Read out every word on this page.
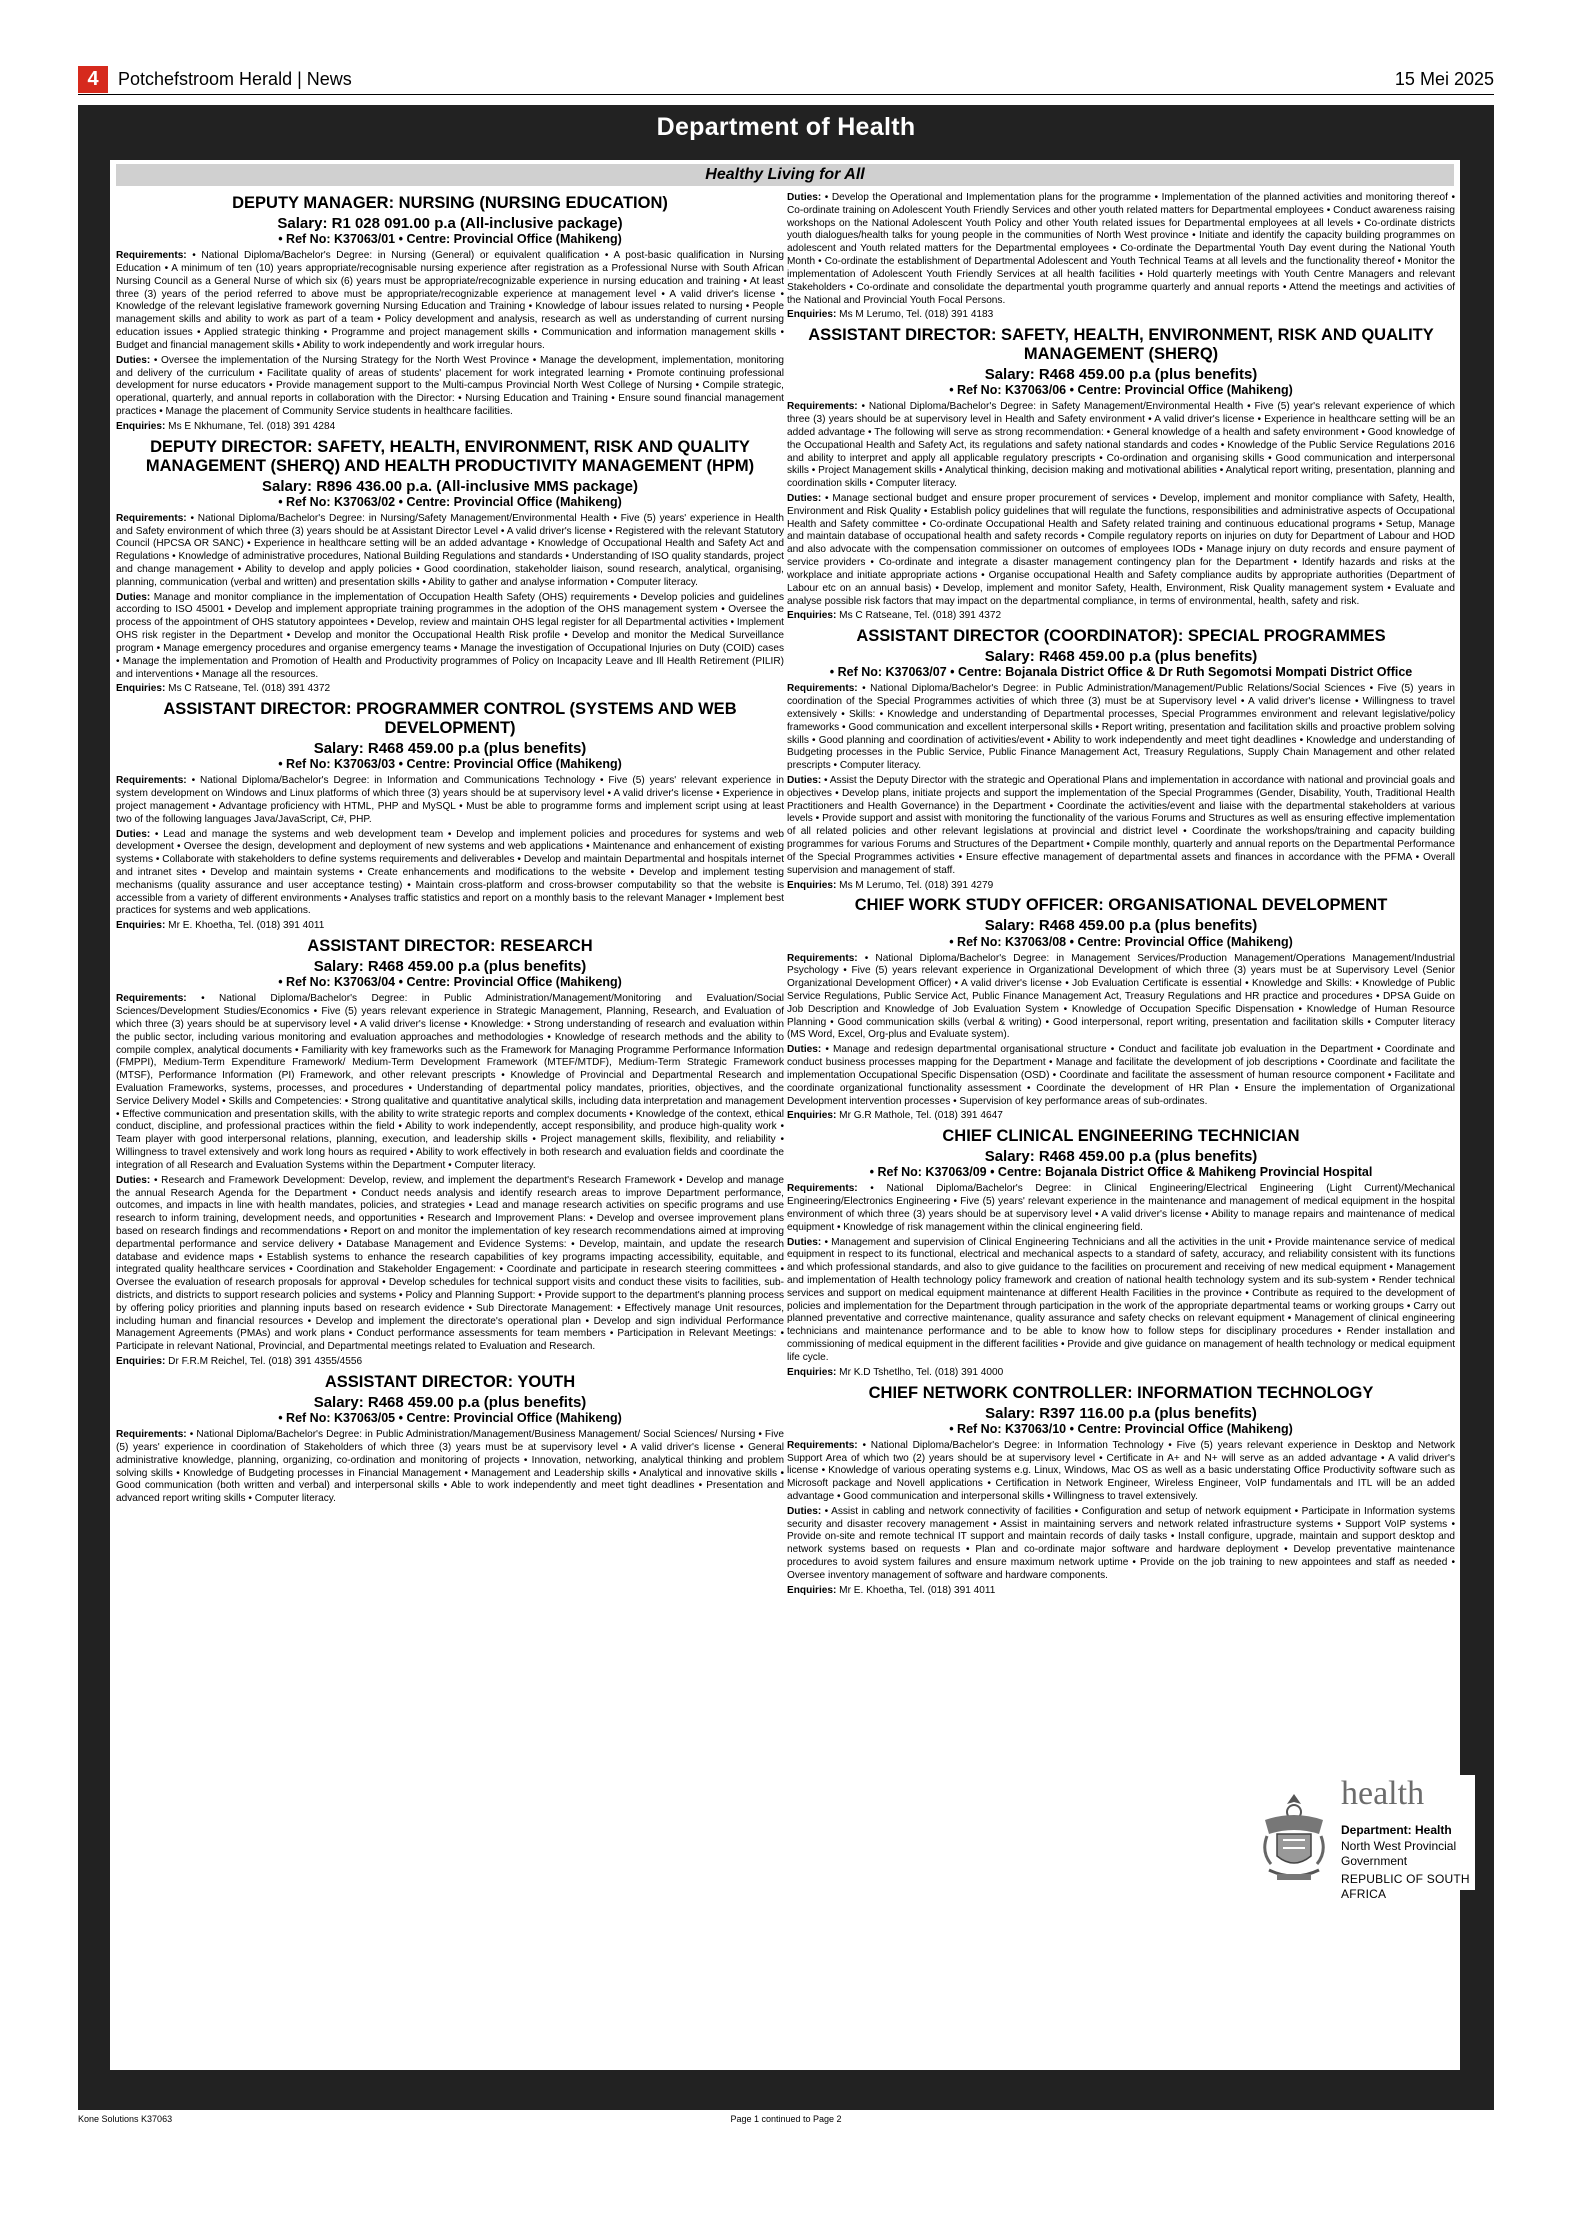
4	Potchefstroom Herald | News	15 Mei 2025
Department of Health
Healthy Living for All
DEPUTY MANAGER: NURSING (NURSING EDUCATION)
Salary: R1 028 091.00 p.a (All-inclusive package)
• Ref No: K37063/01 • Centre: Provincial Office (Mahikeng)
Requirements: • National Diploma/Bachelor's Degree: in Nursing (General) or equivalent qualification • A post-basic qualification in Nursing Education • A minimum of ten (10) years appropriate/recognisable nursing experience after registration as a Professional Nurse with South African Nursing Council as a General Nurse of which six (6) years must be appropriate/recognizable experience in nursing education and training • At least three (3) years of the period referred to above must be appropriate/recognizable experience at management level • A valid driver's license • Knowledge of the relevant legislative framework governing Nursing Education and Training • Knowledge of labour issues related to nursing • People management skills and ability to work as part of a team • Policy development and analysis, research as well as understanding of current nursing education issues • Applied strategic thinking • Programme and project management skills • Communication and information management skills • Budget and financial management skills • Ability to work independently and work irregular hours.
Duties: • Oversee the implementation of the Nursing Strategy for the North West Province • Manage the development, implementation, monitoring and delivery of the curriculum • Facilitate quality of areas of students' placement for work integrated learning • Promote continuing professional development for nurse educators • Provide management support to the Multi-campus Provincial North West College of Nursing • Compile strategic, operational, quarterly, and annual reports in collaboration with the Director: • Nursing Education and Training • Ensure sound financial management practices • Manage the placement of Community Service students in healthcare facilities.
Enquiries: Ms E Nkhumane, Tel. (018) 391 4284
DEPUTY DIRECTOR: SAFETY, HEALTH, ENVIRONMENT, RISK AND QUALITY MANAGEMENT (SHERQ) AND HEALTH PRODUCTIVITY MANAGEMENT (HPM)
Salary: R896 436.00 p.a. (All-inclusive MMS package)
• Ref No: K37063/02 • Centre: Provincial Office (Mahikeng)
Requirements: • National Diploma/Bachelor's Degree: in Nursing/Safety Management/Environmental Health • Five (5) years' experience in Health and Safety environment of which three (3) years should be at Assistant Director Level • A valid driver's license • Registered with the relevant Statutory Council (HPCSA OR SANC) • Experience in healthcare setting will be an added advantage • Knowledge of Occupational Health and Safety Act and Regulations • Knowledge of administrative procedures, National Building Regulations and standards • Understanding of ISO quality standards, project and change management • Ability to develop and apply policies • Good coordination, stakeholder liaison, sound research, analytical, organising, planning, communication (verbal and written) and presentation skills • Ability to gather and analyse information • Computer literacy.
Duties: Manage and monitor compliance in the implementation of Occupation Health Safety (OHS) requirements • Develop policies and guidelines according to ISO 45001 • Develop and implement appropriate training programmes in the adoption of the OHS management system • Oversee the process of the appointment of OHS statutory appointees • Develop, review and maintain OHS legal register for all Departmental activities • Implement OHS risk register in the Department • Develop and monitor the Occupational Health Risk profile • Develop and monitor the Medical Surveillance program • Manage emergency procedures and organise emergency teams • Manage the investigation of Occupational Injuries on Duty (COID) cases • Manage the implementation and Promotion of Health and Productivity programmes of Policy on Incapacity Leave and Ill Health Retirement (PILIR) and interventions • Manage all the resources.
Enquiries: Ms C Ratseane, Tel. (018) 391 4372
ASSISTANT DIRECTOR: PROGRAMMER CONTROL (SYSTEMS AND WEB DEVELOPMENT)
Salary: R468 459.00 p.a (plus benefits)
• Ref No: K37063/03 • Centre: Provincial Office (Mahikeng)
Requirements: • National Diploma/Bachelor's Degree: in Information and Communications Technology • Five (5) years' relevant experience in system development on Windows and Linux platforms of which three (3) years should be at supervisory level • A valid driver's license • Experience in project management • Advantage proficiency with HTML, PHP and MySQL • Must be able to programme forms and implement script using at least two of the following languages Java/JavaScript, C#, PHP.
Duties: • Lead and manage the systems and web development team • Develop and implement policies and procedures for systems and web development • Oversee the design, development and deployment of new systems and web applications • Maintenance and enhancement of existing systems • Collaborate with stakeholders to define systems requirements and deliverables • Develop and maintain Departmental and hospitals internet and intranet sites • Develop and maintain systems • Create enhancements and modifications to the website • Develop and implement testing mechanisms (quality assurance and user acceptance testing) • Maintain cross-platform and cross-browser computability so that the website is accessible from a variety of different environments • Analyses traffic statistics and report on a monthly basis to the relevant Manager • Implement best practices for systems and web applications.
Enquiries: Mr E. Khoetha, Tel. (018) 391 4011
ASSISTANT DIRECTOR: RESEARCH
Salary: R468 459.00 p.a (plus benefits)
• Ref No: K37063/04 • Centre: Provincial Office (Mahikeng)
Requirements: • National Diploma/Bachelor's Degree: in Public Administration/Management/Monitoring and Evaluation/Social Sciences/Development Studies/Economics • Five (5) years relevant experience in Strategic Management, Planning, Research, and Evaluation of which three (3) years should be at supervisory level • A valid driver's license • Knowledge: • Strong understanding of research and evaluation within the public sector, including various monitoring and evaluation approaches and methodologies • Knowledge of research methods and the ability to compile complex, analytical documents • Familiarity with key frameworks such as the Framework for Managing Programme Performance Information (FMPPI), Medium-Term Expenditure Framework/ Medium-Term Development Framework (MTEF/MTDF), Medium-Term Strategic Framework (MTSF), Performance Information (PI) Framework, and other relevant prescripts • Knowledge of Provincial and Departmental Research and Evaluation Frameworks, systems, processes, and procedures • Understanding of departmental policy mandates, priorities, objectives, and the Service Delivery Model • Skills and Competencies: • Strong qualitative and quantitative analytical skills, including data interpretation and management • Effective communication and presentation skills, with the ability to write strategic reports and complex documents • Knowledge of the context, ethical conduct, discipline, and professional practices within the field • Ability to work independently, accept responsibility, and produce high-quality work • Team player with good interpersonal relations, planning, execution, and leadership skills • Project management skills, flexibility, and reliability • Willingness to travel extensively and work long hours as required • Ability to work effectively in both research and evaluation fields and coordinate the integration of all Research and Evaluation Systems within the Department • Computer literacy.
Duties: • Research and Framework Development: Develop, review, and implement the department's Research Framework • Develop and manage the annual Research Agenda for the Department • Conduct needs analysis and identify research areas to improve Department performance, outcomes, and impacts in line with health mandates, policies, and strategies • Lead and manage research activities on specific programs and use research to inform training, development needs, and opportunities • Research and Improvement Plans: • Develop and oversee improvement plans based on research findings and recommendations • Report on and monitor the implementation of key research recommendations aimed at improving departmental performance and service delivery • Database Management and Evidence Systems: • Develop, maintain, and update the research database and evidence maps • Establish systems to enhance the research capabilities of key programs impacting accessibility, equitable, and integrated quality healthcare services • Coordination and Stakeholder Engagement: • Coordinate and participate in research steering committees • Oversee the evaluation of research proposals for approval • Develop schedules for technical support visits and conduct these visits to facilities, sub-districts, and districts to support research policies and systems • Policy and Planning Support: • Provide support to the department's planning process by offering policy priorities and planning inputs based on research evidence • Sub Directorate Management: • Effectively manage Unit resources, including human and financial resources • Develop and implement the directorate's operational plan • Develop and sign individual Performance Management Agreements (PMAs) and work plans • Conduct performance assessments for team members • Participation in Relevant Meetings: • Participate in relevant National, Provincial, and Departmental meetings related to Evaluation and Research.
Enquiries: Dr F.R.M Reichel, Tel. (018) 391 4355/4556
ASSISTANT DIRECTOR: YOUTH
Salary: R468 459.00 p.a (plus benefits)
• Ref No: K37063/05 • Centre: Provincial Office (Mahikeng)
Requirements: • National Diploma/Bachelor's Degree: in Public Administration/Management/Business Management/ Social Sciences/ Nursing • Five (5) years' experience in coordination of Stakeholders of which three (3) years must be at supervisory level • A valid driver's license • General administrative knowledge, planning, organizing, co-ordination and monitoring of projects • Innovation, networking, analytical thinking and problem solving skills • Knowledge of Budgeting processes in Financial Management • Management and Leadership skills • Analytical and innovative skills • Good communication (both written and verbal) and interpersonal skills • Able to work independently and meet tight deadlines • Presentation and advanced report writing skills • Computer literacy.
Duties: • Develop the Operational and Implementation plans for the programme • Implementation of the planned activities and monitoring thereof • Co-ordinate training on Adolescent Youth Friendly Services and other youth related matters for Departmental employees • Conduct awareness raising workshops on the National Adolescent Youth Policy and other Youth related issues for Departmental employees at all levels • Co-ordinate districts youth dialogues/health talks for young people in the communities of North West province • Initiate and identify the capacity building programmes on adolescent and Youth related matters for the Departmental employees • Co-ordinate the Departmental Youth Day event during the National Youth Month • Co-ordinate the establishment of Departmental Adolescent and Youth Technical Teams at all levels and the functionality thereof • Monitor the implementation of Adolescent Youth Friendly Services at all health facilities • Hold quarterly meetings with Youth Centre Managers and relevant Stakeholders • Co-ordinate and consolidate the departmental youth programme quarterly and annual reports • Attend the meetings and activities of the National and Provincial Youth Focal Persons.
Enquiries: Ms M Lerumo, Tel. (018) 391 4183
ASSISTANT DIRECTOR: SAFETY, HEALTH, ENVIRONMENT, RISK AND QUALITY MANAGEMENT (SHERQ)
Salary: R468 459.00 p.a (plus benefits)
• Ref No: K37063/06 • Centre: Provincial Office (Mahikeng)
Requirements: • National Diploma/Bachelor's Degree: in Safety Management/Environmental Health • Five (5) year's relevant experience of which three (3) years should be at supervisory level in Health and Safety environment • A valid driver's license • Experience in healthcare setting will be an added advantage • The following will serve as strong recommendation: • General knowledge of a health and safety environment • Good knowledge of the Occupational Health and Safety Act, its regulations and safety national standards and codes • Knowledge of the Public Service Regulations 2016 and ability to interpret and apply all applicable regulatory prescripts • Co-ordination and organising skills • Good communication and interpersonal skills • Project Management skills • Analytical thinking, decision making and motivational abilities • Analytical report writing, presentation, planning and coordination skills • Computer literacy.
Duties: • Manage sectional budget and ensure proper procurement of services • Develop, implement and monitor compliance with Safety, Health, Environment and Risk Quality • Establish policy guidelines that will regulate the functions, responsibilities and administrative aspects of Occupational Health and Safety committee • Co-ordinate Occupational Health and Safety related training and continuous educational programs • Setup, Manage and maintain database of occupational health and safety records • Compile regulatory reports on injuries on duty for Department of Labour and HOD and also advocate with the compensation commissioner on outcomes of employees IODs • Manage injury on duty records and ensure payment of service providers • Co-ordinate and integrate a disaster management contingency plan for the Department • Identify hazards and risks at the workplace and initiate appropriate actions • Organise occupational Health and Safety compliance audits by appropriate authorities (Department of Labour etc on an annual basis) • Develop, implement and monitor Safety, Health, Environment, Risk Quality management system • Evaluate and analyse possible risk factors that may impact on the departmental compliance, in terms of environmental, health, safety and risk.
Enquiries: Ms C Ratseane, Tel. (018) 391 4372
ASSISTANT DIRECTOR (COORDINATOR): SPECIAL PROGRAMMES
Salary: R468 459.00 p.a (plus benefits)
• Ref No: K37063/07 • Centre: Bojanala District Office & Dr Ruth Segomotsi Mompati District Office
Requirements: • National Diploma/Bachelor's Degree: in Public Administration/Management/Public Relations/Social Sciences • Five (5) years in coordination of the Special Programmes activities of which three (3) must be at Supervisory level • A valid driver's license • Willingness to travel extensively • Skills: • Knowledge and understanding of Departmental processes, Special Programmes environment and relevant legislative/policy frameworks • Good communication and excellent interpersonal skills • Report writing, presentation and facilitation skills and proactive problem solving skills • Good planning and coordination of activities/event • Ability to work independently and meet tight deadlines • Knowledge and understanding of Budgeting processes in the Public Service, Public Finance Management Act, Treasury Regulations, Supply Chain Management and other related prescripts • Computer literacy.
Duties: • Assist the Deputy Director with the strategic and Operational Plans and implementation in accordance with national and provincial goals and objectives • Develop plans, initiate projects and support the implementation of the Special Programmes (Gender, Disability, Youth, Traditional Health Practitioners and Health Governance) in the Department • Coordinate the activities/event and liaise with the departmental stakeholders at various levels • Provide support and assist with monitoring the functionality of the various Forums and Structures as well as ensuring effective implementation of all related policies and other relevant legislations at provincial and district level • Coordinate the workshops/training and capacity building programmes for various Forums and Structures of the Department • Compile monthly, quarterly and annual reports on the Departmental Performance of the Special Programmes activities • Ensure effective management of departmental assets and finances in accordance with the PFMA • Overall supervision and management of staff.
Enquiries: Ms M Lerumo, Tel. (018) 391 4279
CHIEF WORK STUDY OFFICER: ORGANISATIONAL DEVELOPMENT
Salary: R468 459.00 p.a (plus benefits)
• Ref No: K37063/08 • Centre: Provincial Office (Mahikeng)
Requirements: • National Diploma/Bachelor's Degree: in Management Services/Production Management/Operations Management/Industrial Psychology • Five (5) years relevant experience in Organizational Development of which three (3) years must be at Supervisory Level (Senior Organizational Development Officer) • A valid driver's license • Job Evaluation Certificate is essential • Knowledge and Skills: • Knowledge of Public Service Regulations, Public Service Act, Public Finance Management Act, Treasury Regulations and HR practice and procedures • DPSA Guide on Job Description and Knowledge of Job Evaluation System • Knowledge of Occupation Specific Dispensation • Knowledge of Human Resource Planning • Good communication skills (verbal & writing) • Good interpersonal, report writing, presentation and facilitation skills • Computer literacy (MS Word, Excel, Org-plus and Evaluate system).
Duties: • Manage and redesign departmental organisational structure • Conduct and facilitate job evaluation in the Department • Coordinate and conduct business processes mapping for the Department • Manage and facilitate the development of job descriptions • Coordinate and facilitate the implementation Occupational Specific Dispensation (OSD) • Coordinate and facilitate the assessment of human resource component • Facilitate and coordinate organizational functionality assessment • Coordinate the development of HR Plan • Ensure the implementation of Organizational Development intervention processes • Supervision of key performance areas of sub-ordinates.
Enquiries: Mr G.R Mathole, Tel. (018) 391 4647
CHIEF CLINICAL ENGINEERING TECHNICIAN
Salary: R468 459.00 p.a (plus benefits)
• Ref No: K37063/09 • Centre: Bojanala District Office & Mahikeng Provincial Hospital
Requirements: • National Diploma/Bachelor's Degree: in Clinical Engineering/Electrical Engineering (Light Current)/Mechanical Engineering/Electronics Engineering • Five (5) years' relevant experience in the maintenance and management of medical equipment in the hospital environment of which three (3) years should be at supervisory level • A valid driver's license • Ability to manage repairs and maintenance of medical equipment • Knowledge of risk management within the clinical engineering field.
Duties: • Management and supervision of Clinical Engineering Technicians and all the activities in the unit • Provide maintenance service of medical equipment in respect to its functional, electrical and mechanical aspects to a standard of safety, accuracy, and reliability consistent with its functions and which professional standards, and also to give guidance to the facilities on procurement and receiving of new medical equipment • Management and implementation of Health technology policy framework and creation of national health technology system and its sub-system • Render technical services and support on medical equipment maintenance at different Health Facilities in the province • Contribute as required to the development of policies and implementation for the Department through participation in the work of the appropriate departmental teams or working groups • Carry out planned preventative and corrective maintenance, quality assurance and safety checks on relevant equipment • Management of clinical engineering technicians and maintenance performance and to be able to know how to follow steps for disciplinary procedures • Render installation and commissioning of medical equipment in the different facilities • Provide and give guidance on management of health technology or medical equipment life cycle.
Enquiries: Mr K.D Tshetlho, Tel. (018) 391 4000
CHIEF NETWORK CONTROLLER: INFORMATION TECHNOLOGY
Salary: R397 116.00 p.a (plus benefits)
• Ref No: K37063/10 • Centre: Provincial Office (Mahikeng)
Requirements: • National Diploma/Bachelor's Degree: in Information Technology • Five (5) years relevant experience in Desktop and Network Support Area of which two (2) years should be at supervisory level • Certificate in A+ and N+ will serve as an added advantage • A valid driver's license • Knowledge of various operating systems e.g. Linux, Windows, Mac OS as well as a basic understating Office Productivity software such as Microsoft package and Novell applications • Certification in Network Engineer, Wireless Engineer, VoIP fundamentals and ITL will be an added advantage • Good communication and interpersonal skills • Willingness to travel extensively.
Duties: • Assist in cabling and network connectivity of facilities • Configuration and setup of network equipment • Participate in Information systems security and disaster recovery management • Assist in maintaining servers and network related infrastructure systems • Support VoIP systems • Provide on-site and remote technical IT support and maintain records of daily tasks • Install configure, upgrade, maintain and support desktop and network systems based on requests • Plan and co-ordinate major software and hardware deployment • Develop preventative maintenance procedures to avoid system failures and ensure maximum network uptime • Provide on the job training to new appointees and staff as needed • Oversee inventory management of software and hardware components.
Enquiries: Mr E. Khoetha, Tel. (018) 391 4011
health
Department: Health
North West Provincial Government
REPUBLIC OF SOUTH AFRICA
Kone Solutions K37063	Page 1 continued to Page 2
